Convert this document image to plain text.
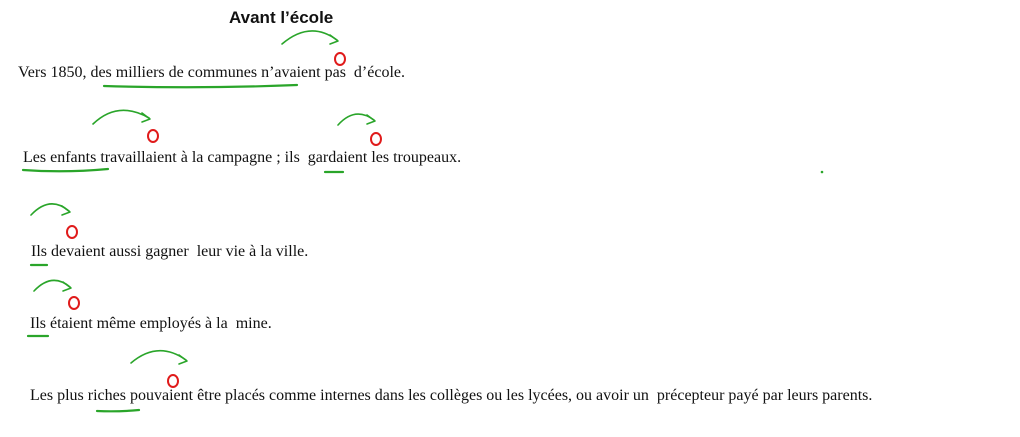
Avant l’école
Vers 1850, des milliers de communes n’avaient pas  d’école.
Les enfants travaillaient à la campagne ; ils  gardaient les troupeaux.
Ils devaient aussi gagner  leur vie à la ville.
Ils étaient même employés à la  mine.
Les plus riches pouvaient être placés comme internes dans les collèges ou les lycées, ou avoir un  précepteur payé par leurs parents.
